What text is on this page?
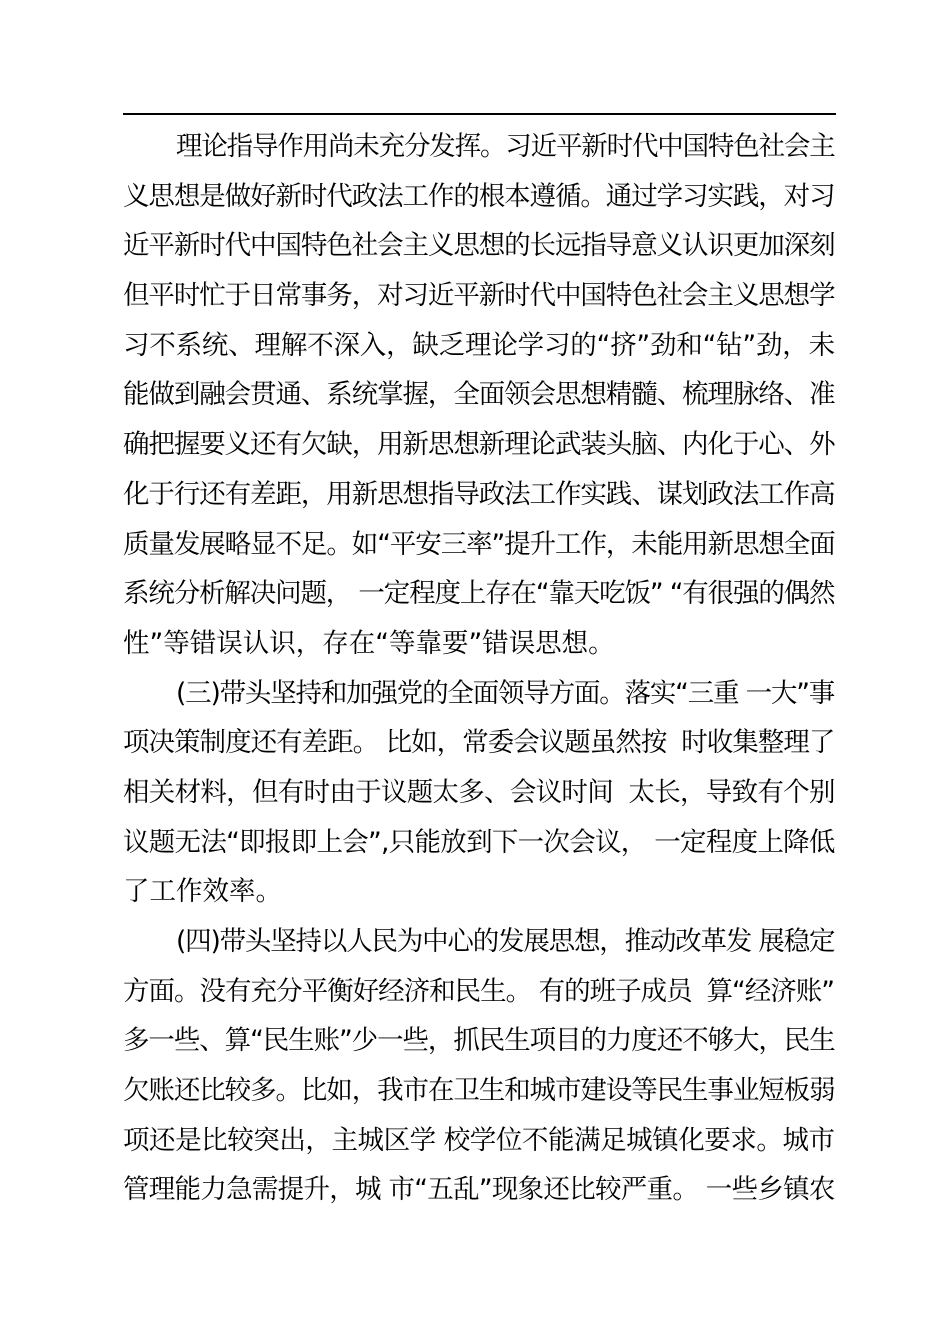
理论指导作用尚未充分发挥。习近平新时代中国特色社会主
义思想是做好新时代政法工作的根本遵循。通过学习实践，对习
近平新时代中国特色社会主义思想的长远指导意义认识更加深刻
但平时忙于日常事务，对习近平新时代中国特色社会主义思想学
习不系统、理解不深入，缺乏理论学习的“挤”劲和“钻”劲，未
能做到融会贯通、系统掌握，全面领会思想精髓、梳理脉络、准
确把握要义还有欠缺，用新思想新理论武装头脑、内化于心、外
化于行还有差距，用新思想指导政法工作实践、谋划政法工作高
质量发展略显不足。如“平安三率”提升工作，未能用新思想全面
系统分析解决问题， 一定程度上存在“靠天吃饭” “有很强的偶然
性”等错误认识，存在“等靠要”错误思想。
(三)带头坚持和加强党的全面领导方面。落实“三重 一大”事
项决策制度还有差距。 比如，常委会议题虽然按  时收集整理了
相关材料，但有时由于议题太多、会议时间  太长，导致有个别
议题无法“即报即上会”,只能放到下一次会议， 一定程度上降低
了工作效率。
(四)带头坚持以人民为中心的发展思想，推动改革发 展稳定
方面。没有充分平衡好经济和民生。 有的班子成员  算“经济账”
多一些、算“民生账”少一些，抓民生项目的力度还不够大，民生
欠账还比较多。比如，我市在卫生和城市建设等民生事业短板弱
项还是比较突出，主城区学 校学位不能满足城镇化要求。城市
管理能力急需提升，城 市“五乱”现象还比较严重。 一些乡镇农
